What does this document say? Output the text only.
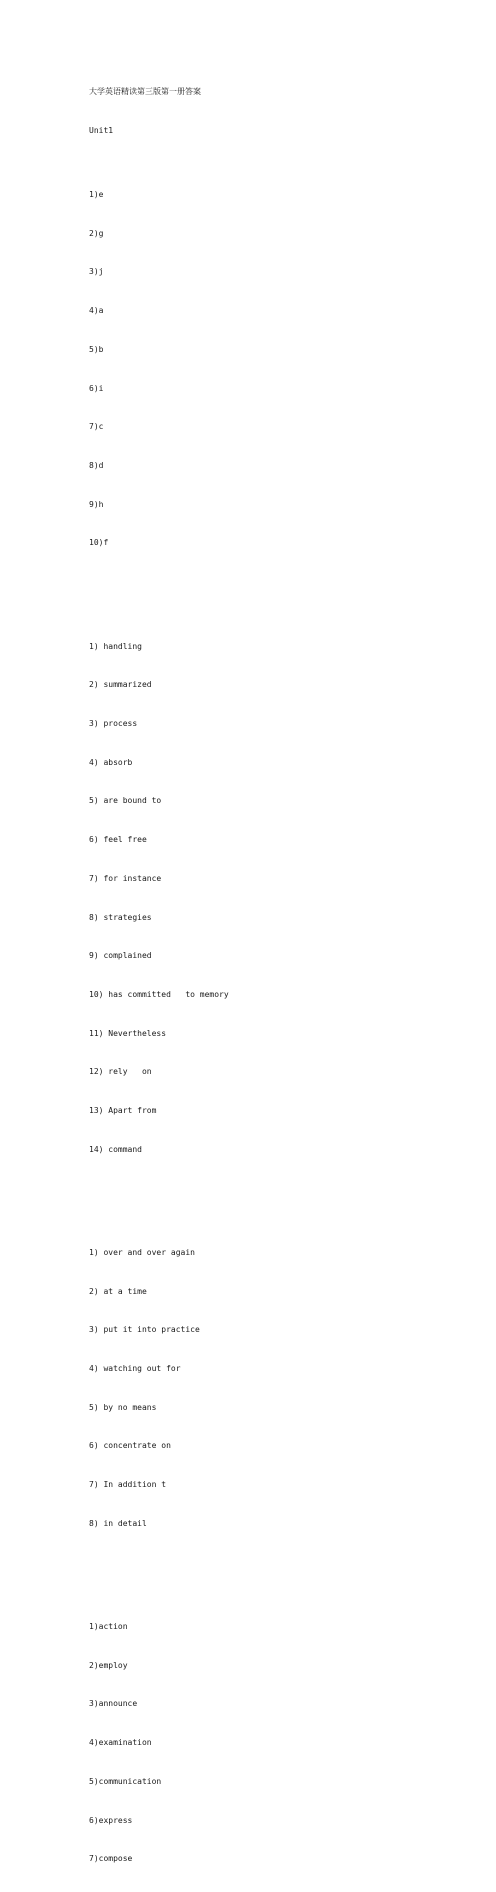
大学英语精读第三版第一册答案

Unit1

1)e

2)g

3)j

4)a

5)b

6)i

7)c

8)d

9)h

10)f

1) handling

2) summarized

3) process

4) absorb

5) are bound to

6) feel free

7) for instance

8) strategies

9) complained

10) has committed   to memory

11) Nevertheless

12) rely   on

13) Apart from

14) command

1) over and over again

2) at a time

3) put it into practice

4) watching out for

5) by no means

6) concentrate on

7) In addition t

8) in detail

1)action

2)employ

3)announce

4)examination

5)communication

6)express

7)compose
